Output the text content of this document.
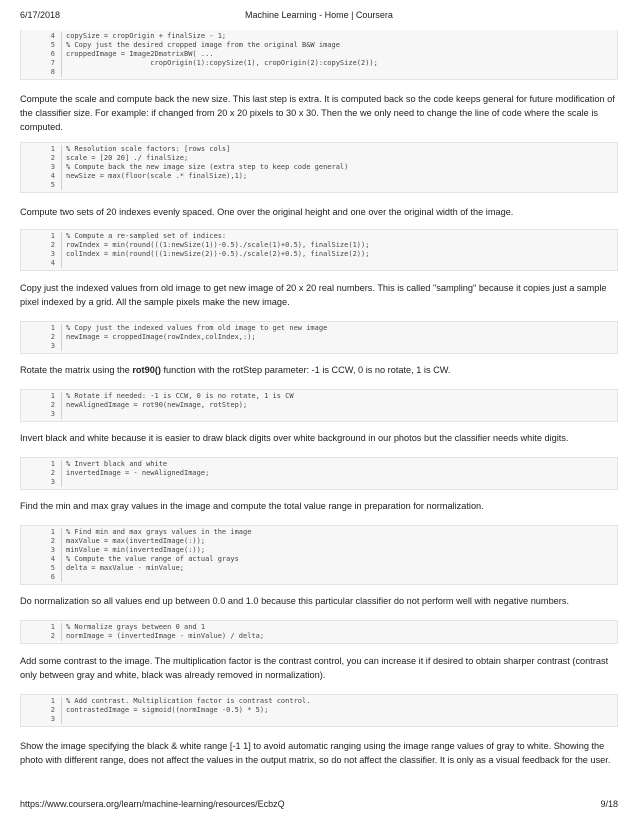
6/17/2018	Machine Learning - Home | Coursera
4	copySize = cropOrigin + finalSize - 1;
5	% Copy just the desired cropped image from the original B&W image
6	croppedImage = Image2DmatrixBW( ...
7	cropOrigin(1):copySize(1), cropOrigin(2):copySize(2));
8

Compute the scale and compute back the new size. This last step is extra. It is computed back so the code keeps general for future modification of the classifier size. For example: if changed from 20 x 20 pixels to 30 x 30. Then the we only need to change the line of code where the scale is computed.

1	% Resolution scale factors: [rows cols]
2	scale = [20 20] ./ finalSize;
3	% Compute back the new image size (extra step to keep code general)
4	newSize = max(floor(scale .* finalSize),1);
5

Compute two sets of 20 indexes evenly spaced. One over the original height and one over the original width of the image.

1	% Compute a re-sampled set of indices:
2	rowIndex = min(round(((1:newSize(1))-0.5)./scale(1)+0.5), finalSize(1));
3	colIndex = min(round(((1:newSize(2))-0.5)./scale(2)+0.5), finalSize(2));
4

Copy just the indexed values from old image to get new image of 20 x 20 real numbers. This is called "sampling" because it copies just a sample pixel indexed by a grid. All the sample pixels make the new image.

1	% Copy just the indexed values from old image to get new image
2	newImage = croppedImage(rowIndex,colIndex,:);
3

Rotate the matrix using the rot90() function with the rotStep parameter: -1 is CCW, 0 is no rotate, 1 is CW.

1	% Rotate if needed: -1 is CCW, 0 is no rotate, 1 is CW
2	newAlignedImage = rot90(newImage, rotStep);
3

Invert black and white because it is easier to draw black digits over white background in our photos but the classifier needs white digits.

1	% Invert black and white
2	invertedImage = - newAlignedImage;
3

Find the min and max gray values in the image and compute the total value range in preparation for normalization.

1	% Find min and max grays values in the image
2	maxValue = max(invertedImage(:));
3	minValue = min(invertedImage(:));
4	% Compute the value range of actual grays
5	delta = maxValue - minValue;
6

Do normalization so all values end up between 0.0 and 1.0 because this particular classifier do not perform well with negative numbers.

1	% Normalize grays between 0 and 1
2	normImage = (invertedImage - minValue) / delta;

Add some contrast to the image. The multiplication factor is the contrast control, you can increase it if desired to obtain sharper contrast (contrast only between gray and white, black was already removed in normalization).

1	% Add contrast. Multiplication factor is contrast control.
2	contrastedImage = sigmoid((normImage -0.5) * 5);
3

Show the image specifying the black & white range [-1 1] to avoid automatic ranging using the image range values of gray to white. Showing the photo with different range, does not affect the values in the output matrix, so do not affect the classifier. It is only as a visual feedback for the user.

https://www.coursera.org/learn/machine-learning/resources/EcbzQ	9/18
